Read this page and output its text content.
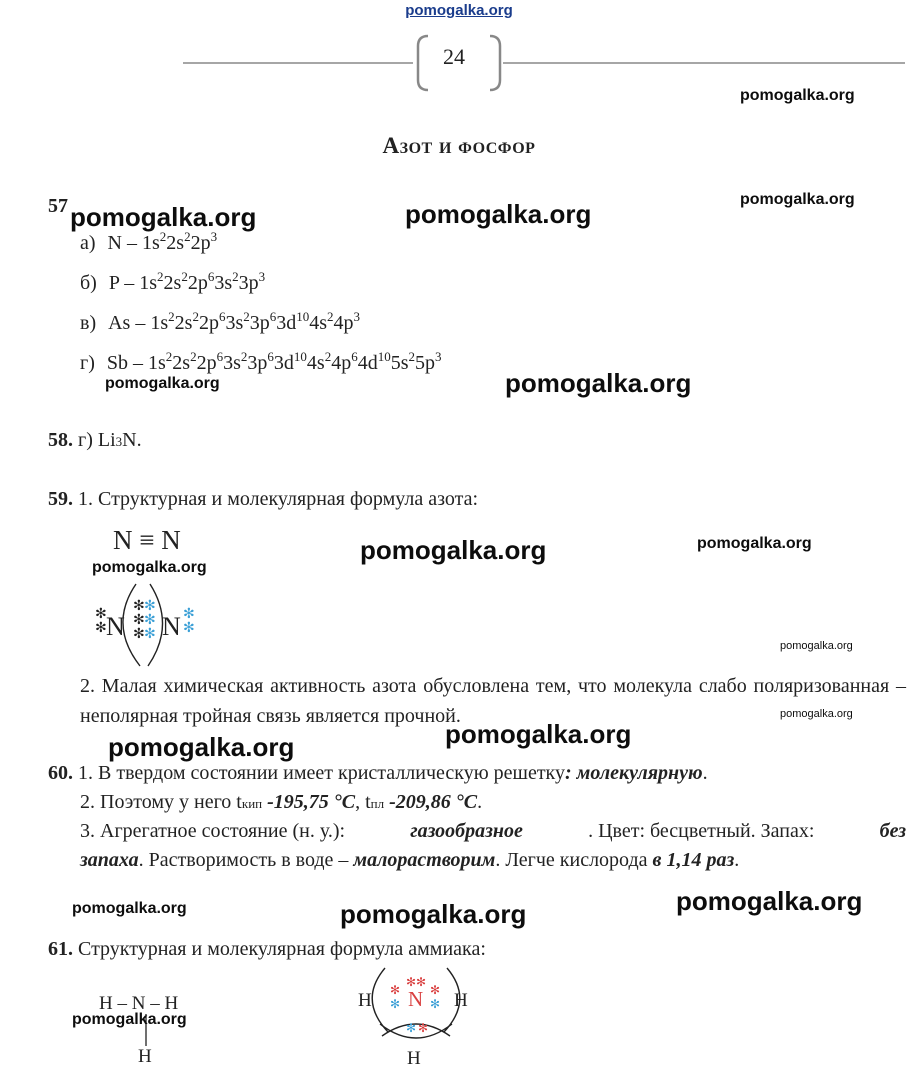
pomogalka.org
24
pomogalka.org
Азот и фосфор
57 pomogalka.org	pomogalka.org	pomogalka.org
а) N – $1s^22s^22p^3$
б) P – $1s^22s^22p^63s^23p^3$
в) As – $1s^22s^22p^63s^23p^63d^{10}4s^24p^3$
г) Sb – $1s^22s^22p^63s^23p^63d^{10}4s^24p^64d^{10}5s^25p^3$
pomogalka.org	pomogalka.org
58. г) Li3N.
59. 1. Структурная и молекулярная формула азота:
N ≡ N	pomogalka.org	pomogalka.org
pomogalka.org
N N
✻
✻
✻
✻
✻
✻
✻
✻
✻
✻
pomogalka.org
2. Малая химическая активность азота обусловлена тем, что молекула слабо поляризованная – неполярная тройная связь является прочной.	pomogalka.org
pomogalka.org
pomogalka.org
60. 1. В твердом состоянии имеет кристаллическую решетку: молекулярную.
2. Поэтому у него tкип -195,75 °C, tпл -209,86 °C.
3. Агрегатное состояние (н. у.):	газообразное	. Цвет: бесцветный. Запах:	без
запаха. Растворимость в воде – малорастворим. Легче кислорода в 1,14 раз.
pomogalka.org	pomogalka.org	pomogalka.org
61. Структурная и молекулярная формула аммиака:
H – N – H
H
pomogalka.org
H	H
N
H
✻ ✻
✻
✻
✻
✻
✻ ✻
